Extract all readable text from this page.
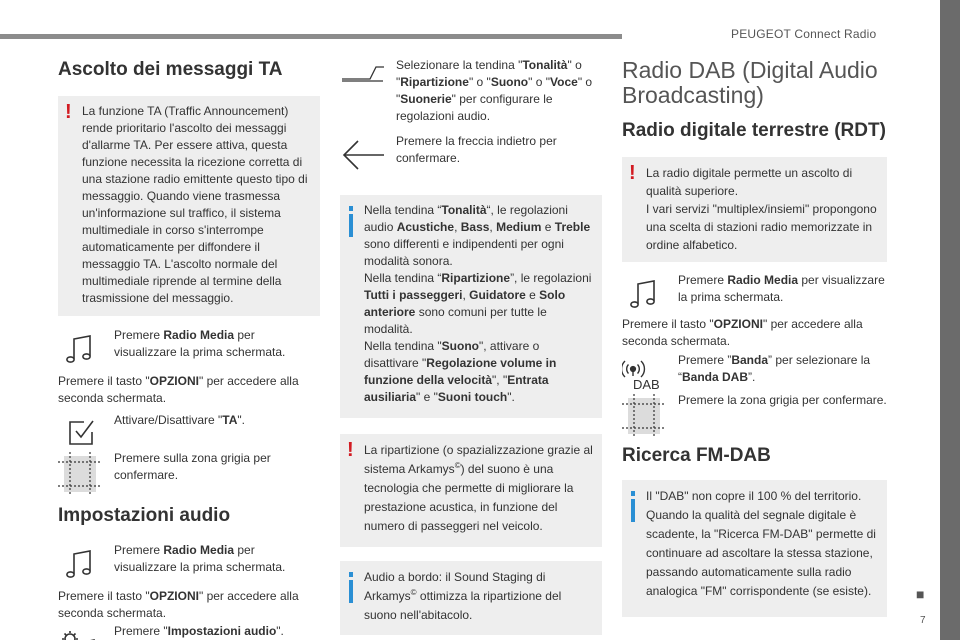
PEUGEOT Connect Radio
■
7
Ascolto dei messaggi TA
! La funzione TA (Traffic Announcement) rende prioritario l'ascolto dei messaggi d'allarme TA. Per essere attiva, questa funzione necessita la ricezione corretta di una stazione radio emittente questo tipo di messaggio. Quando viene trasmessa un'informazione sul traffico, il sistema multimediale in corso s'interrompe automaticamente per diffondere il messaggio TA. L'ascolto normale del multimediale riprende al termine della trasmissione del messaggio.
Premere Radio Media per visualizzare la prima schermata.

Premere il tasto "OPZIONI" per accedere alla seconda schermata.

Attivare/Disattivare "TA".
Premere sulla zona grigia per confermare.
Impostazioni audio
Premere Radio Media per visualizzare la prima schermata.

Premere il tasto "OPZIONI" per accedere alla seconda schermata.

Premere "Impostazioni audio".
Selezionare la tendina "Tonalità" o "Ripartizione" o "Suono" o "Voce" o "Suonerie" per configurare le regolazioni audio.
Premere la freccia indietro per confermare.

Nella tendina “Tonalità“, le regolazioni audio Acustiche, Bass, Medium e Treble sono differenti e indipendenti per ogni modalità sonora.

Nella tendina “Ripartizione”, le regolazioni Tutti i passeggeri, Guidatore e Solo anteriore sono comuni per tutte le modalità.

Nella tendina "Suono", attivare o disattivare "Regolazione volume in funzione della velocità", "Entrata ausiliaria" e "Suoni touch".

! La ripartizione (o spazializzazione grazie al sistema Arkamys©) del suono è una tecnologia che permette di migliorare la prestazione acustica, in funzione del numero di passeggeri nel veicolo.
Audio a bordo: il Sound Staging di Arkamys© ottimizza la ripartizione del suono nell'abitacolo.
Radio DAB (Digital Audio Broadcasting)
Radio digitale terrestre (RDT)

! La radio digitale permette un ascolto di qualità superiore.

I vari servizi "multiplex/insiemi" propongono una scelta di stazioni radio memorizzate in ordine alfabetico.

Premere Radio Media per visualizzare la prima schermata.

Premere il tasto "OPZIONI" per accedere alla seconda schermata.

DAB
Premere ”Banda” per selezionare la “Banda DAB”.
Premere la zona grigia per confermare.
Ricerca FM-DAB
Il "DAB" non copre il 100 % del territorio. Quando la qualità del segnale digitale è scadente, la "Ricerca FM-DAB" permette di continuare ad ascoltare la stessa stazione, passando automaticamente sulla radio analogica "FM" corrispondente (se esiste).
